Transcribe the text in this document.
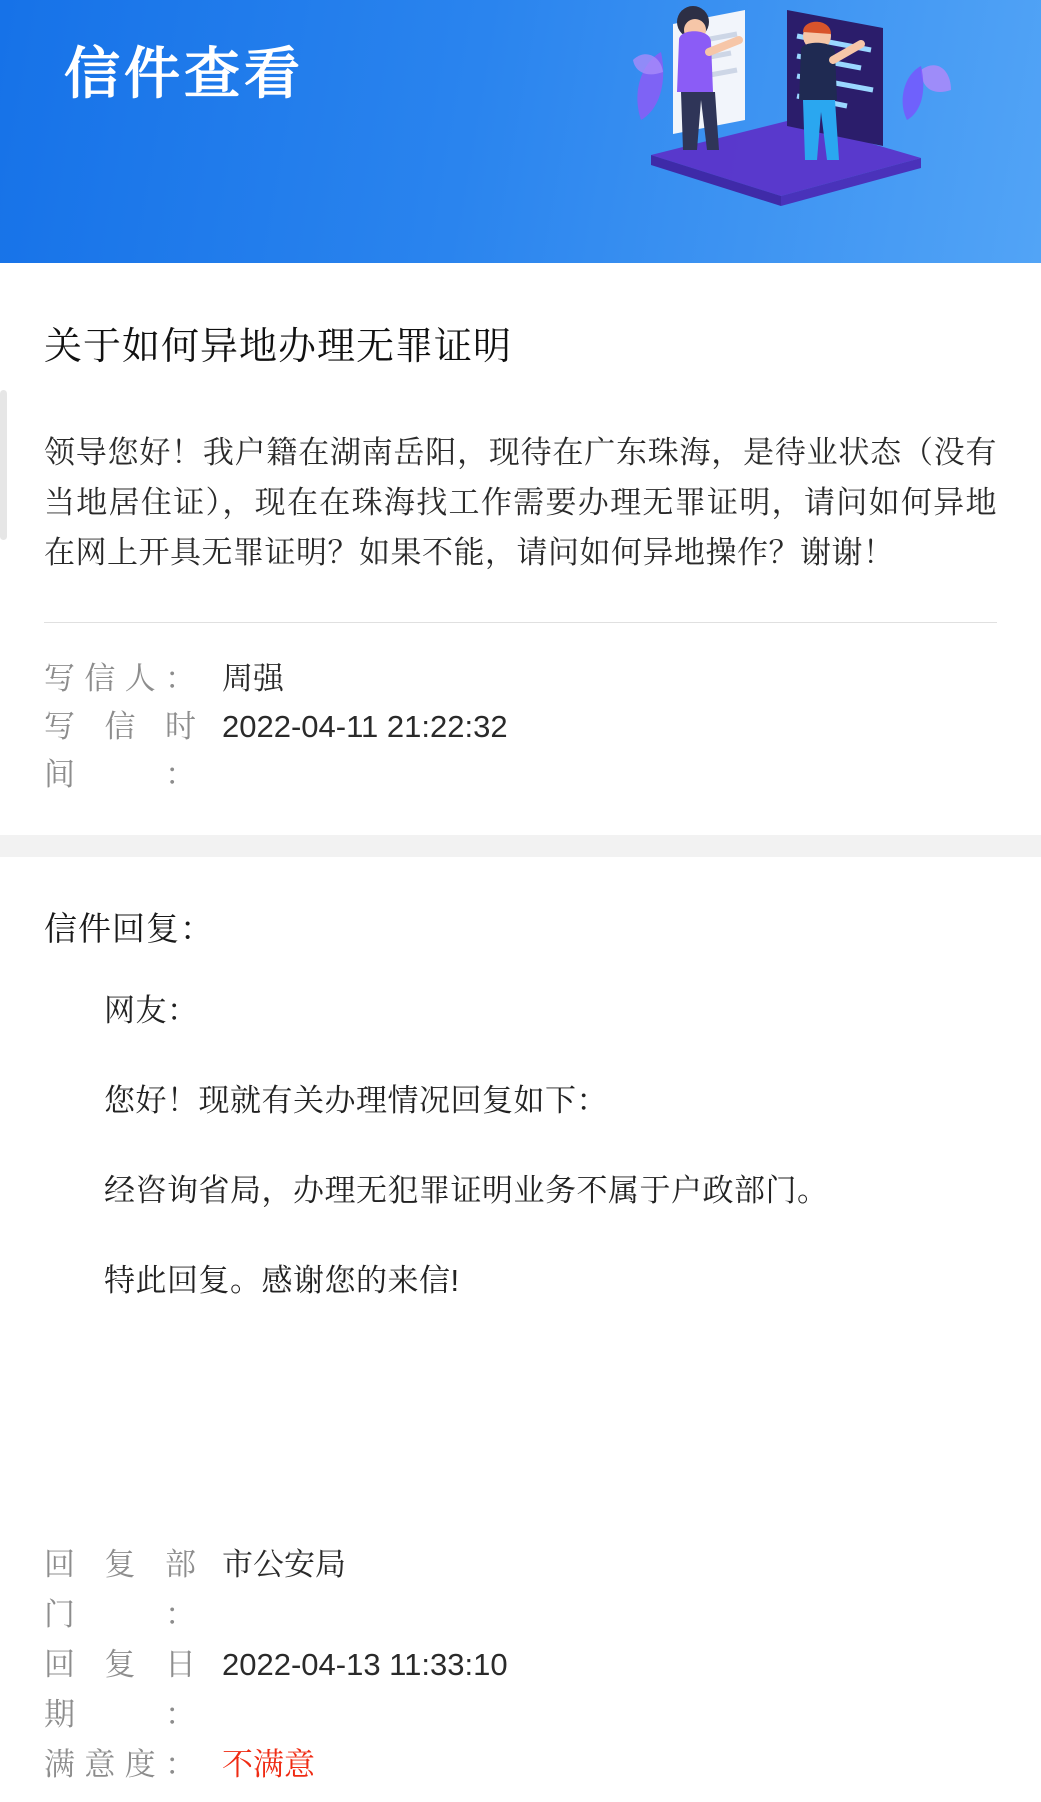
信件查看
关于如何异地办理无罪证明
领导您好！我户籍在湖南岳阳，现待在广东珠海，是待业状态（没有当地居住证），现在在珠海找工作需要办理无罪证明，请问如何异地在网上开具无罪证明？如果不能，请问如何异地操作？谢谢！
写信人： 周强
写信时间：
2022-04-11 21:22:32
信件回复：
网友：
您好！现就有关办理情况回复如下：
经咨询省局，办理无犯罪证明业务不属于户政部门。
特此回复。感谢您的来信!
回复部门：
市公安局
回复日期：
2022-04-13 11:33:10
满意度： 不满意
